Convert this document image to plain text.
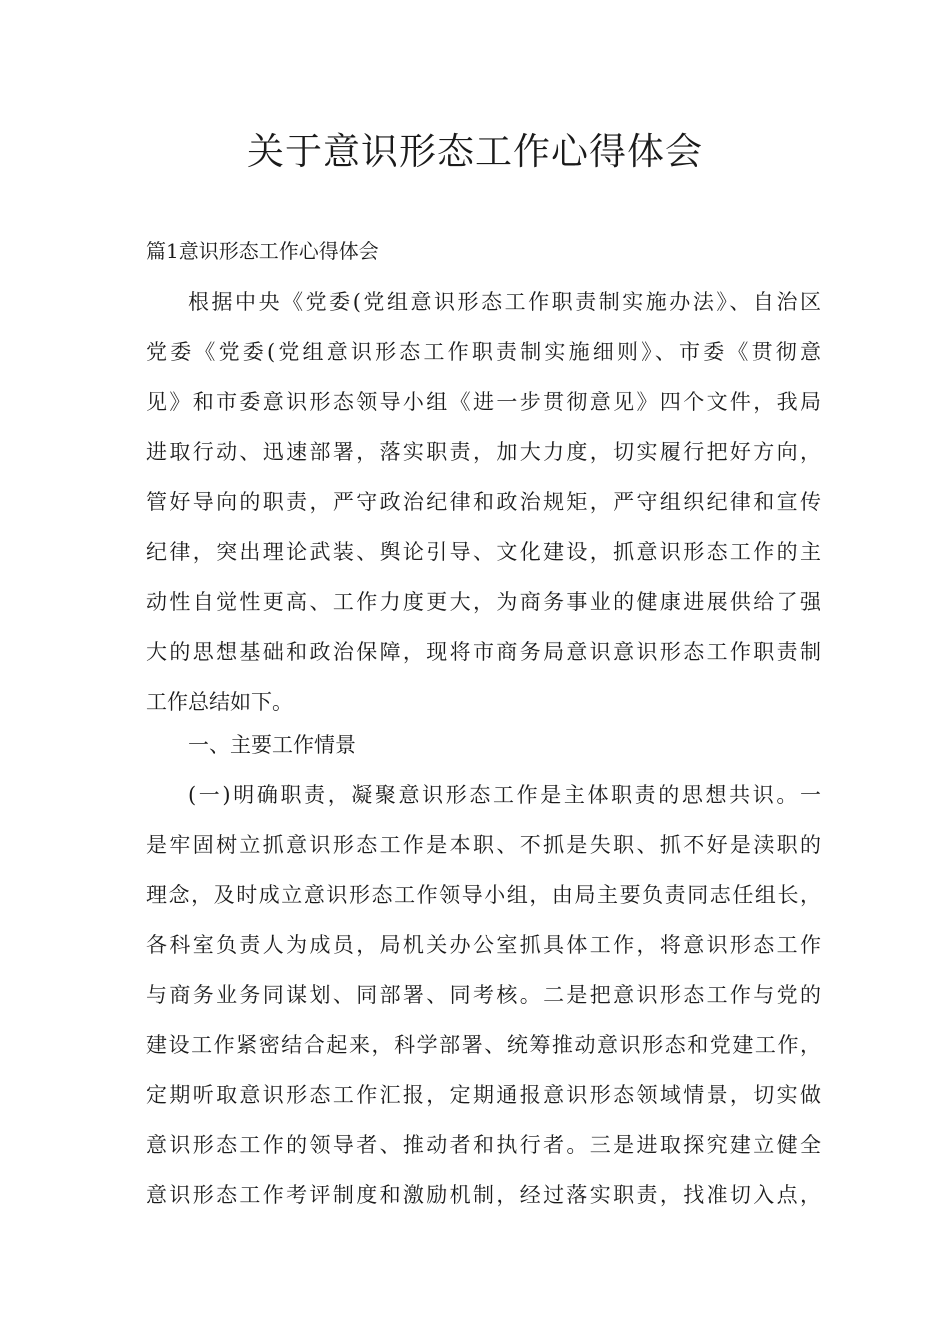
关于意识形态工作心得体会

篇1意识形态工作心得体会

根据中央《党委(党组意识形态工作职责制实施办法》、自治区
党委《党委(党组意识形态工作职责制实施细则》、市委《贯彻意
见》和市委意识形态领导小组《进一步贯彻意见》四个文件，我局
进取行动、迅速部署，落实职责，加大力度，切实履行把好方向，
管好导向的职责，严守政治纪律和政治规矩，严守组织纪律和宣传
纪律，突出理论武装、舆论引导、文化建设，抓意识形态工作的主
动性自觉性更高、工作力度更大，为商务事业的健康进展供给了强
大的思想基础和政治保障，现将市商务局意识意识形态工作职责制
工作总结如下。

一、主要工作情景

(一)明确职责，凝聚意识形态工作是主体职责的思想共识。一
是牢固树立抓意识形态工作是本职、不抓是失职、抓不好是渎职的
理念，及时成立意识形态工作领导小组，由局主要负责同志任组长，
各科室负责人为成员，局机关办公室抓具体工作，将意识形态工作
与商务业务同谋划、同部署、同考核。二是把意识形态工作与党的
建设工作紧密结合起来，科学部署、统筹推动意识形态和党建工作，
定期听取意识形态工作汇报，定期通报意识形态领域情景，切实做
意识形态工作的领导者、推动者和执行者。三是进取探究建立健全
意识形态工作考评制度和激励机制，经过落实职责，找准切入点，
